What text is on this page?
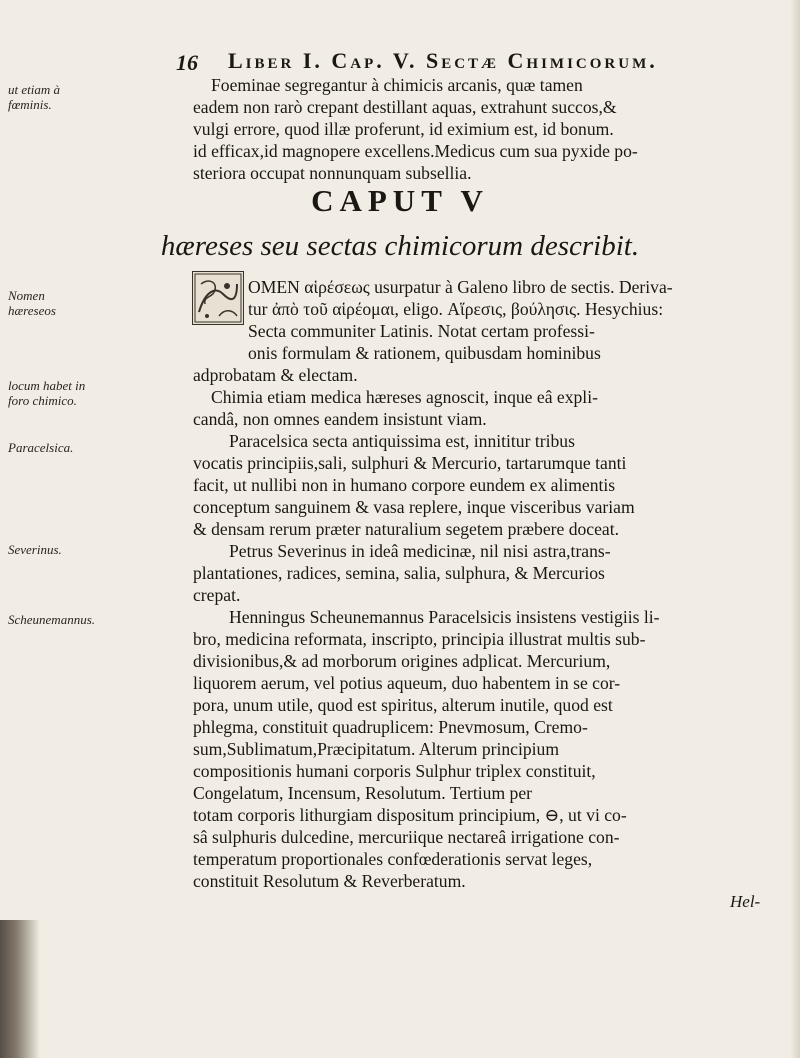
16 Liber I. Cap. V. Sectæ Chimicorum.
ut etiam à fœminis.
Nomen hæreseos
locum habet in foro chimico.
Paracelsica.
Severinus.
Scheunemannus.
Foeminae segregantur à chimicis arcanis, quæ tamen
eadem non rarò crepant destillant aquas, extrahunt succos,&
vulgi errore, quod illæ proferunt, id eximium est, id bonum.
id efficax,id magnopere excellens.Medicus cum sua pyxide po-
steriora occupat nonnunquam subsellia.
CAPUT V
hæreses seu sectas chimicorum describit.
OMEN αἱρέσεως usurpatur à Galeno libro de sectis. Deriva-
tur ἀπὸ τοῦ αἱρέομαι, eligo. Αἵρεσις, βούλησις. Hesychius:
Secta communiter Latinis. Notat certam professi-
onis formulam & rationem, quibusdam hominibus
adprobatam & electam.
Chimia etiam medica hæreses agnoscit, inque eâ expli-
candâ, non omnes eandem insistunt viam.
Paracelsica secta antiquissima est, innititur tribus
vocatis principiis,sali, sulphuri & Mercurio, tartarumque tanti
facit, ut nullibi non in humano corpore eundem ex alimentis
conceptum sanguinem & vasa replere, inque visceribus variam
& densam rerum præter naturalium segetem præbere doceat.
Petrus Severinus in ideâ medicinæ, nil nisi astra,trans-
plantationes, radices, semina, salia, sulphura, & Mercurios
crepat.
Henningus Scheunemannus Paracelsicis insistens vestigiis li-
bro, medicina reformata, inscripto, principia illustrat multis sub-
divisionibus,& ad morborum origines adplicat. Mercurium,
liquorem aerum, vel potius aqueum, duo habentem in se cor-
pora, unum utile, quod est spiritus, alterum inutile, quod est
phlegma, constituit quadruplicem: Pnevmosum, Cremo-
sum,Sublimatum,Præcipitatum. Alterum principium
compositionis humani corporis Sulphur triplex constituit,
Congelatum, Incensum, Resolutum. Tertium per
totam corporis lithurgiam dispositum principium, ⊖, ut vi co-
sâ sulphuris dulcedine, mercuriique nectareâ irrigatione con-
temperatum proportionales confœderationis servat leges,
constituit Resolutum & Reverberatum.
Hel-
